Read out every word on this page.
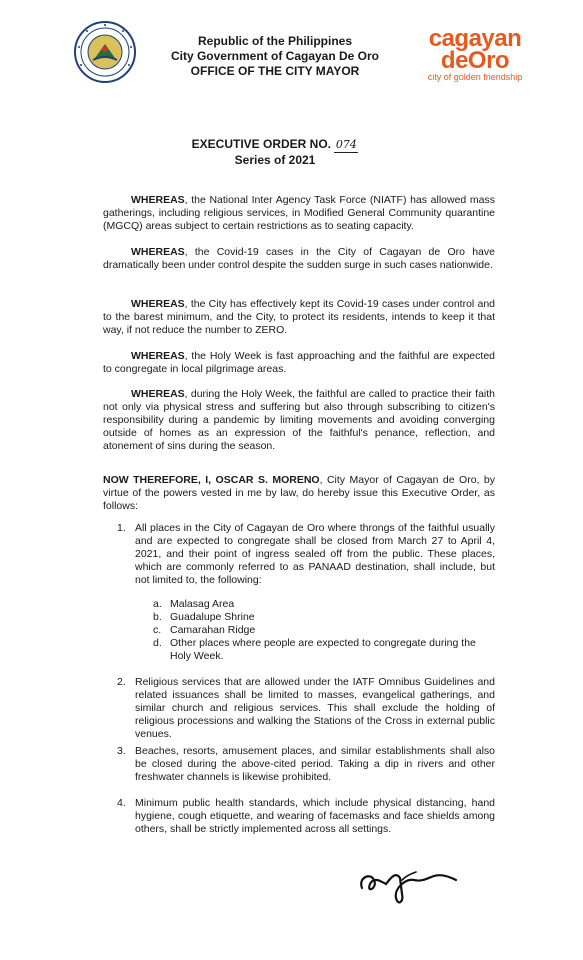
Republic of the Philippines
City Government of Cagayan De Oro
OFFICE OF THE CITY MAYOR
cagayan
deOro
city of golden friendship
EXECUTIVE ORDER NO. 074
Series of 2021
WHEREAS, the National Inter Agency Task Force (NIATF) has allowed mass gatherings, including religious services, in Modified General Community quarantine (MGCQ) areas subject to certain restrictions as to seating capacity.
WHEREAS, the Covid-19 cases in the City of Cagayan de Oro have dramatically been under control despite the sudden surge in such cases nationwide.
WHEREAS, the City has effectively kept its Covid-19 cases under control and to the barest minimum, and the City, to protect its residents, intends to keep it that way, if not reduce the number to ZERO.
WHEREAS, the Holy Week is fast approaching and the faithful are expected to congregate in local pilgrimage areas.
WHEREAS, during the Holy Week, the faithful are called to practice their faith not only via physical stress and suffering but also through subscribing to citizen's responsibility during a pandemic by limiting movements and avoiding converging outside of homes as an expression of the faithful's penance, reflection, and atonement of sins during the season.
NOW THEREFORE, I, OSCAR S. MORENO, City Mayor of Cagayan de Oro, by virtue of the powers vested in me by law, do hereby issue this Executive Order, as follows:
1. All places in the City of Cagayan de Oro where throngs of the faithful usually and are expected to congregate shall be closed from March 27 to April 4, 2021, and their point of ingress sealed off from the public. These places, which are commonly referred to as PANAAD destination, shall include, but not limited to, the following:
a. Malasag Area
b. Guadalupe Shrine
c. Camarahan Ridge
d. Other places where people are expected to congregate during the Holy Week.
2. Religious services that are allowed under the IATF Omnibus Guidelines and related issuances shall be limited to masses, evangelical gatherings, and similar church and religious services. This shall exclude the holding of religious processions and walking the Stations of the Cross in external public venues.
3. Beaches, resorts, amusement places, and similar establishments shall also be closed during the above-cited period. Taking a dip in rivers and other freshwater channels is likewise prohibited.
4. Minimum public health standards, which include physical distancing, hand hygiene, cough etiquette, and wearing of facemasks and face shields among others, shall be strictly implemented across all settings.
